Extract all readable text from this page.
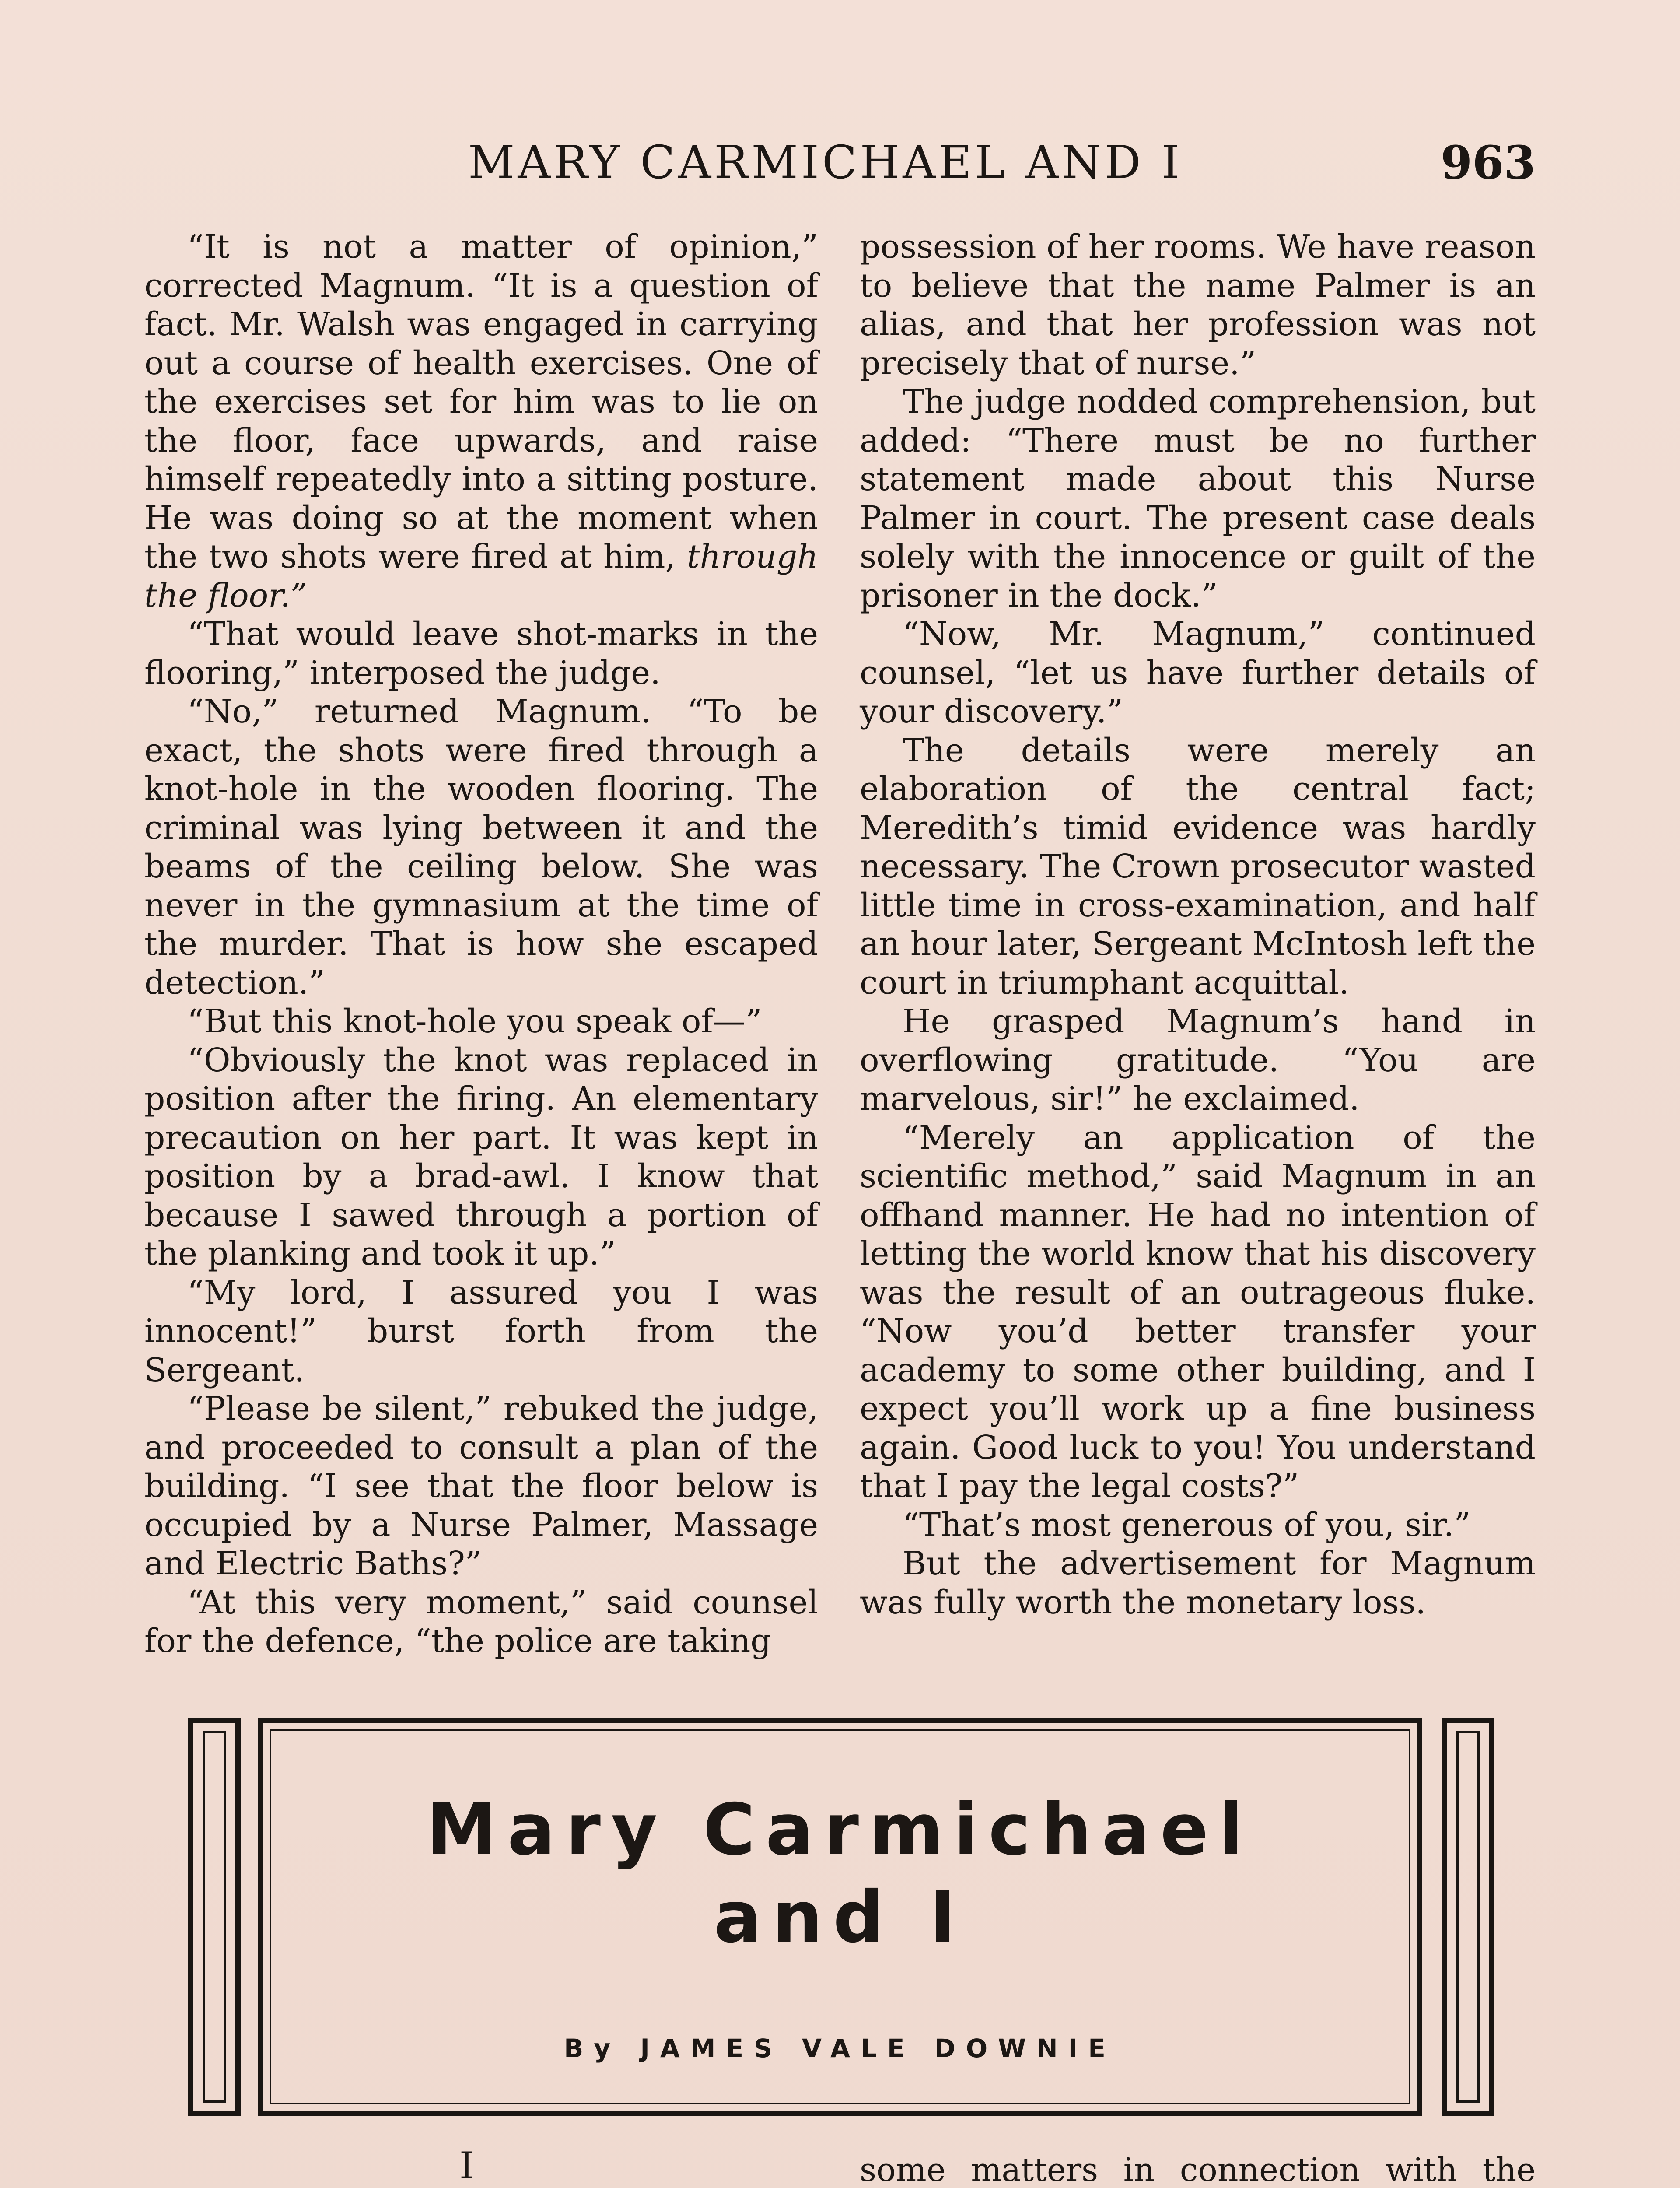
MARY CARMICHAEL AND I	963

“It is not a matter of opinion,” corrected Magnum. “It is a question of fact. Mr. Walsh was engaged in carrying out a course of health exercises. One of the exercises set for him was to lie on the floor, face upwards, and raise himself repeatedly into a sitting posture. He was doing so at the moment when the two shots were fired at him, through the floor.”

“That would leave shot-marks in the flooring,” interposed the judge.

“No,” returned Magnum. “To be exact, the shots were fired through a knot-hole in the wooden flooring. The criminal was lying between it and the beams of the ceiling below. She was never in the gymnasium at the time of the murder. That is how she escaped detection.”

“But this knot-hole you speak of—”

“Obviously the knot was replaced in position after the firing. An elementary precaution on her part. It was kept in position by a brad-awl. I know that because I sawed through a portion of the planking and took it up.”

“My lord, I assured you I was innocent!” burst forth from the Sergeant.

“Please be silent,” rebuked the judge, and proceeded to consult a plan of the building. “I see that the floor below is occupied by a Nurse Palmer, Massage and Electric Baths?”

“At this very moment,” said counsel for the defence, “the police are taking

possession of her rooms. We have reason to believe that the name Palmer is an alias, and that her profession was not precisely that of nurse.”

The judge nodded comprehension, but added: “There must be no further statement made about this Nurse Palmer in court. The present case deals solely with the innocence or guilt of the prisoner in the dock.”

“Now, Mr. Magnum,” continued counsel, “let us have further details of your discovery.”

The details were merely an elaboration of the central fact; Meredith’s timid evidence was hardly necessary. The Crown prosecutor wasted little time in cross-examination, and half an hour later, Sergeant McIntosh left the court in triumphant acquittal.

He grasped Magnum’s hand in overflowing gratitude. “You are marvelous, sir!” he exclaimed.

“Merely an application of the scientific method,” said Magnum in an offhand manner. He had no intention of letting the world know that his discovery was the result of an outrageous fluke. “Now you’d better transfer your academy to some other building, and I expect you’ll work up a fine business again. Good luck to you! You understand that I pay the legal costs?”

“That’s most generous of you, sir.”

But the advertisement for Magnum was fully worth the monetary loss.

Mary Carmichael
and I
By JAMES VALE DOWNIE
I	some matters in connection with the
